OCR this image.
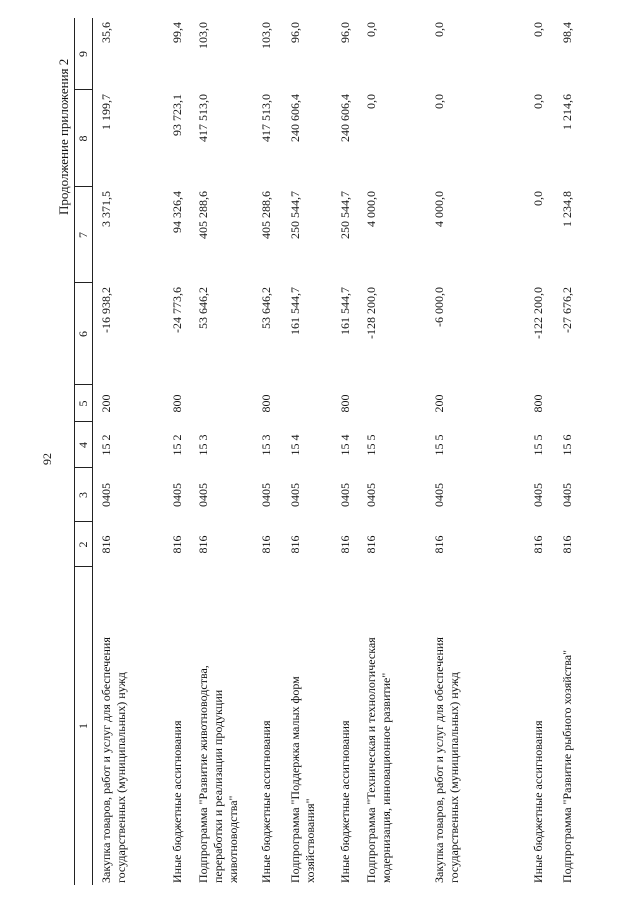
92
Продолжение приложения 2
1
2
3
4
5
6
7
8
9
Закупка товаров, работ и услуг для обеспечения государственных (муниципальных) нужд
816
0405
15 2
200
-16 938,2
3 371,5
1 199,7
35,6
Иные бюджетные ассигнования
816
0405
15 2
800
-24 773,6
94 326,4
93 723,1
99,4
Подпрограмма "Развитие животноводства, переработки и реализации продукции животноводства"
816
0405
15 3
53 646,2
405 288,6
417 513,0
103,0
Иные бюджетные ассигнования
816
0405
15 3
800
53 646,2
405 288,6
417 513,0
103,0
Подпрограмма "Поддержка малых форм хозяйствования"
816
0405
15 4
161 544,7
250 544,7
240 606,4
96,0
Иные бюджетные ассигнования
816
0405
15 4
800
161 544,7
250 544,7
240 606,4
96,0
Подпрограмма "Техническая и технологическая модернизация, инновационное развитие"
816
0405
15 5
-128 200,0
4 000,0
0,0
0,0
Закупка товаров, работ и услуг для обеспечения государственных (муниципальных) нужд
816
0405
15 5
200
-6 000,0
4 000,0
0,0
0,0
Иные бюджетные ассигнования
816
0405
15 5
800
-122 200,0
0,0
0,0
0,0
Подпрограмма "Развитие рыбного хозяйства"
816
0405
15 6
-27 676,2
1 234,8
1 214,6
98,4
